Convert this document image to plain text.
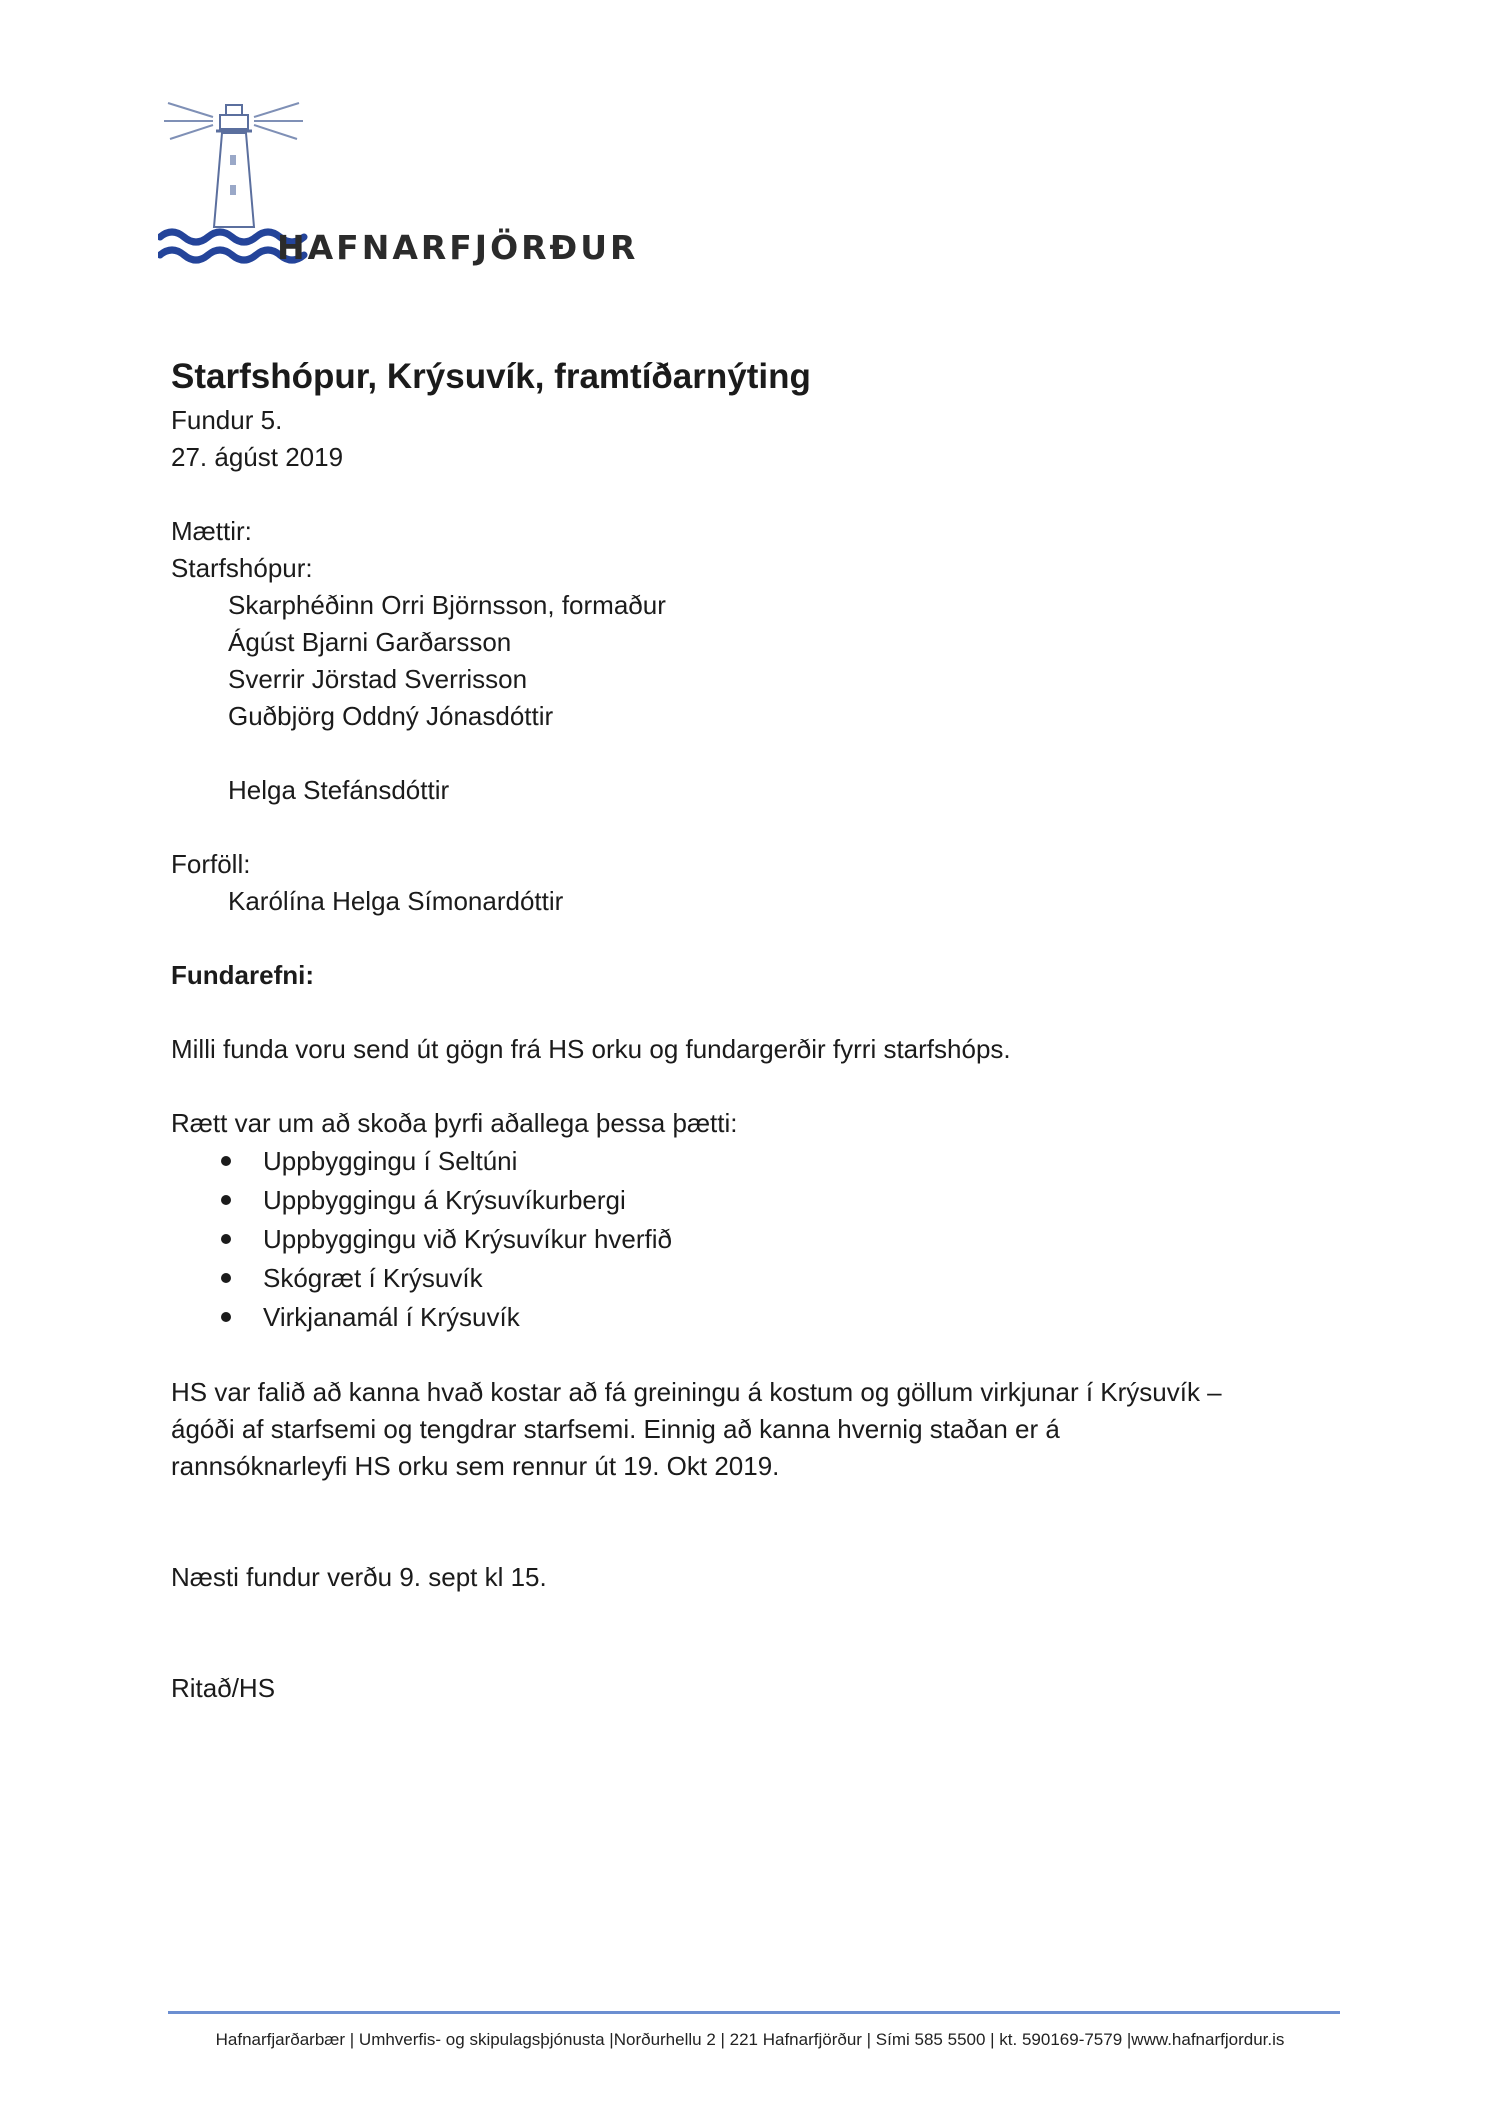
HAFNARFJÖRÐUR

Starfshópur, Krýsuvík, framtíðarnýting

Fundur 5.

27. ágúst 2019

Mættir:

Starfshópur:

Skarphéðinn Orri Björnsson, formaður

Ágúst Bjarni Garðarsson

Sverrir Jörstad Sverrisson

Guðbjörg Oddný Jónasdóttir

Helga Stefánsdóttir

Forföll:

Karólína Helga Símonardóttir

Fundarefni:

Milli funda voru send út gögn frá HS orku og fundargerðir fyrri starfshóps.

Rætt var um að skoða þyrfi aðallega þessa þætti:

Uppbyggingu í Seltúni
Uppbyggingu á Krýsuvíkurbergi
Uppbyggingu við Krýsuvíkur hverfið
Skógræt í Krýsuvík
Virkjanamál í Krýsuvík

HS var falið að kanna hvað kostar að fá greiningu á kostum og göllum virkjunar í Krýsuvík –

ágóði af starfsemi og tengdrar starfsemi. Einnig að kanna hvernig staðan er á

rannsóknarleyfi HS orku sem rennur út 19. Okt 2019.

Næsti fundur verðu 9. sept kl 15.

Ritað/HS

Hafnarfjarðarbær | Umhverfis- og skipulagsþjónusta |Norðurhellu 2 | 221 Hafnarfjörður | Sími 585 5500 | kt. 590169-7579 |www.hafnarfjordur.is
